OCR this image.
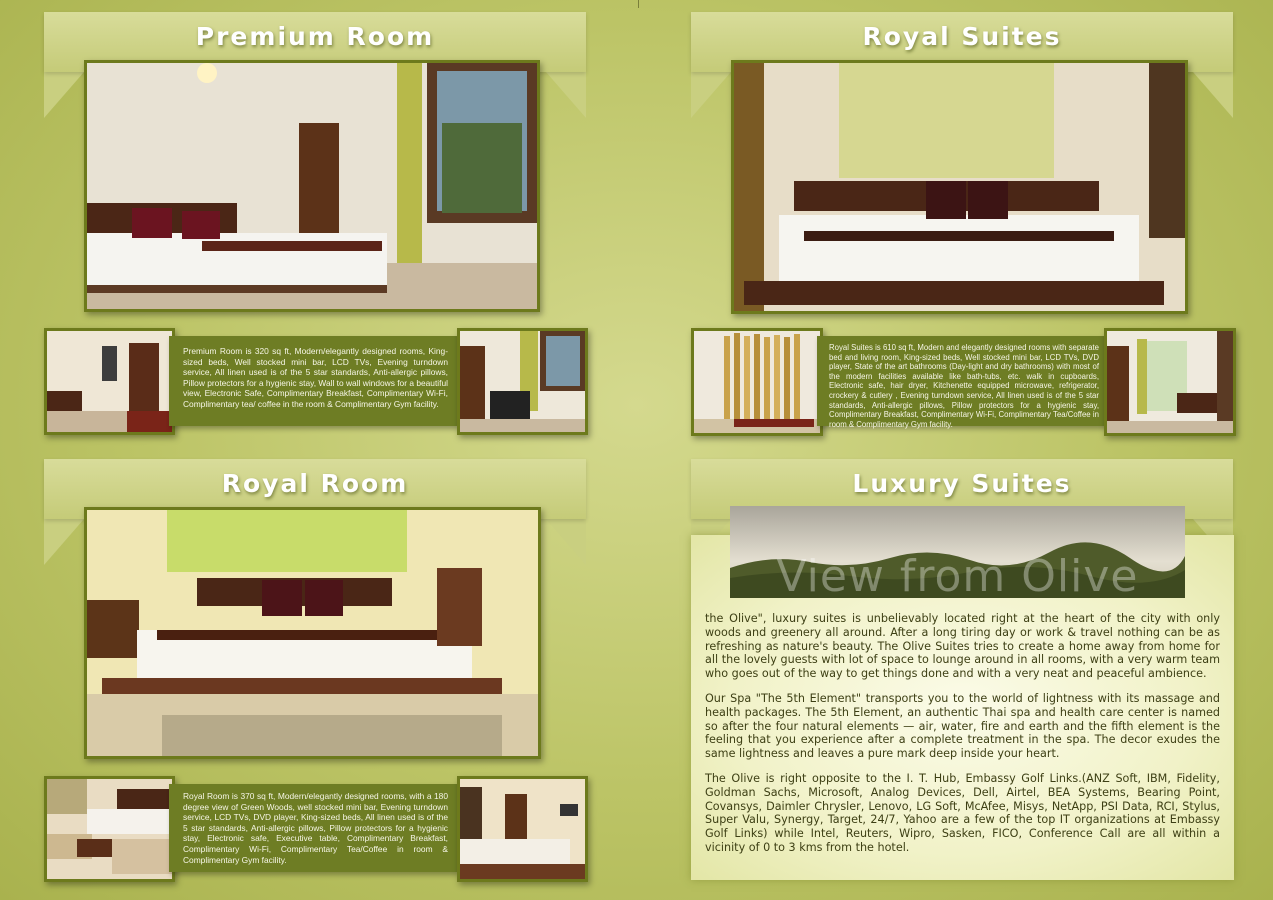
Premium Room

Premium Room is 320 sq ft, Modern/elegantly designed rooms, King-sized beds, Well stocked mini bar, LCD TVs, Evening turndown service, All linen used is of the 5 star standards, Anti-allergic pillows, Pillow protectors for a hygienic stay, Wall to wall windows for a beautiful view, Electronic Safe, Complimentary Breakfast, Complimentary Wi-Fi, Complimentary tea/ coffee in the room & Complimentary Gym facility.

Royal Suites

Royal Suites is 610 sq ft, Modern and elegantly designed rooms with separate bed and living room, King-sized beds, Well stocked mini bar, LCD TVs, DVD player, State of the art bathrooms (Day-light and dry bathrooms) with most of the modern facilities available like bath-tubs, etc. walk in cupboards, Electronic safe, hair dryer, Kitchenette equipped microwave, refrigerator, crockery & cutlery , Evening turndown service, All linen used is of the 5 star standards, Anti-allergic pillows, Pillow protectors for a hygienic stay, Complimentary Breakfast, Complimentary Wi-Fi, Complimentary Tea/Coffee in room & Complimentary Gym facility.

Royal Room

Royal Room is 370 sq ft, Modern/elegantly designed rooms, with a 180 degree view of Green Woods, well stocked mini bar, Evening turndown service, LCD TVs, DVD player, King-sized beds, All linen used is of the 5 star standards, Anti-allergic pillows, Pillow protectors for a hygienic stay, Electronic safe, Executive table, Complimentary Breakfast, Complimentary Wi-Fi, Complimentary Tea/Coffee in room & Complimentary Gym facility.

Luxury Suites
View from Olive

the Olive", luxury suites is unbelievably located right at the heart of the city with only woods and greenery all around. After a long tiring day or work & travel nothing can be as refreshing as nature's beauty. The Olive Suites tries to create a home away from home for all the lovely guests with lot of space to lounge around in all rooms, with a very warm team who goes out of the way to get things done and with a very neat and peaceful ambience.

Our Spa "The 5th Element" transports you to the world of lightness with its massage and health packages. The 5th Element, an authentic Thai spa and health care center is named so after the four natural elements — air, water, fire and earth and the fifth element is the feeling that you experience after a complete treatment in the spa. The decor exudes the same lightness and leaves a pure mark deep inside your heart.

The Olive is right opposite to the I. T. Hub, Embassy Golf Links.(ANZ Soft, IBM, Fidelity, Goldman Sachs, Microsoft, Analog Devices, Dell, Airtel, BEA Systems, Bearing Point, Covansys, Daimler Chrysler, Lenovo, LG Soft, McAfee, Misys, NetApp, PSI Data, RCI, Stylus, Super Valu, Synergy, Target, 24/7, Yahoo are a few of the top IT organizations at Embassy Golf Links) while Intel, Reuters, Wipro, Sasken, FICO, Conference Call are all within a vicinity of 0 to 3 kms from the hotel.
